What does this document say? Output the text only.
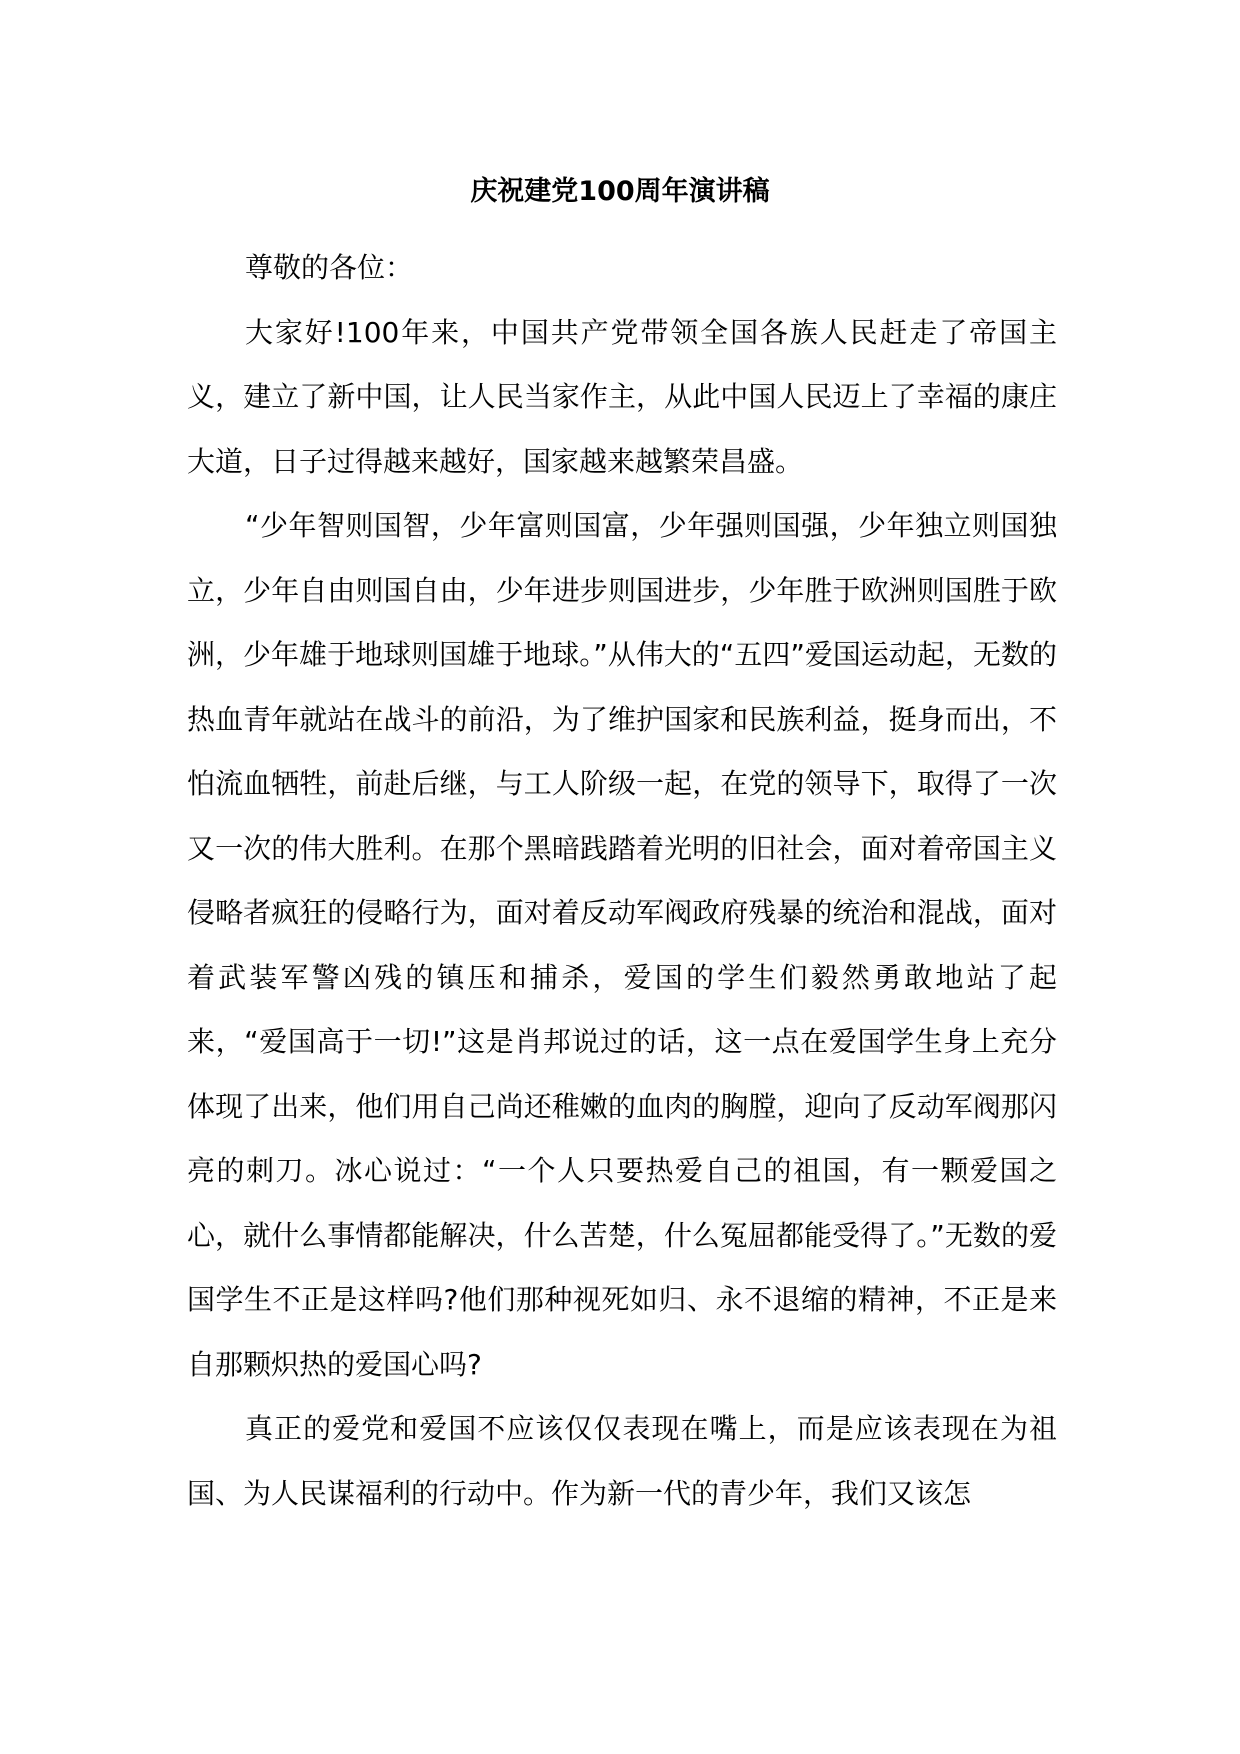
庆祝建党100周年演讲稿

尊敬的各位：

大家好!100年来，中国共产党带领全国各族人民赶走了帝国主义，建立了新中国，让人民当家作主，从此中国人民迈上了幸福的康庄大道，日子过得越来越好，国家越来越繁荣昌盛。

“少年智则国智，少年富则国富，少年强则国强，少年独立则国独立，少年自由则国自由，少年进步则国进步，少年胜于欧洲则国胜于欧洲，少年雄于地球则国雄于地球。”从伟大的“五四”爱国运动起，无数的热血青年就站在战斗的前沿，为了维护国家和民族利益，挺身而出，不怕流血牺牲，前赴后继，与工人阶级一起，在党的领导下，取得了一次又一次的伟大胜利。在那个黑暗践踏着光明的旧社会，面对着帝国主义侵略者疯狂的侵略行为，面对着反动军阀政府残暴的统治和混战，面对着武装军警凶残的镇压和捕杀，爱国的学生们毅然勇敢地站了起来，“爱国高于一切!”这是肖邦说过的话，这一点在爱国学生身上充分体现了出来，他们用自己尚还稚嫩的血肉的胸膛，迎向了反动军阀那闪亮的刺刀。冰心说过：“一个人只要热爱自己的祖国，有一颗爱国之心，就什么事情都能解决，什么苦楚，什么冤屈都能受得了。”无数的爱国学生不正是这样吗?他们那种视死如归、永不退缩的精神，不正是来自那颗炽热的爱国心吗?

真正的爱党和爱国不应该仅仅表现在嘴上，而是应该表现在为祖国、为人民谋福利的行动中。作为新一代的青少年，我们又该怎
